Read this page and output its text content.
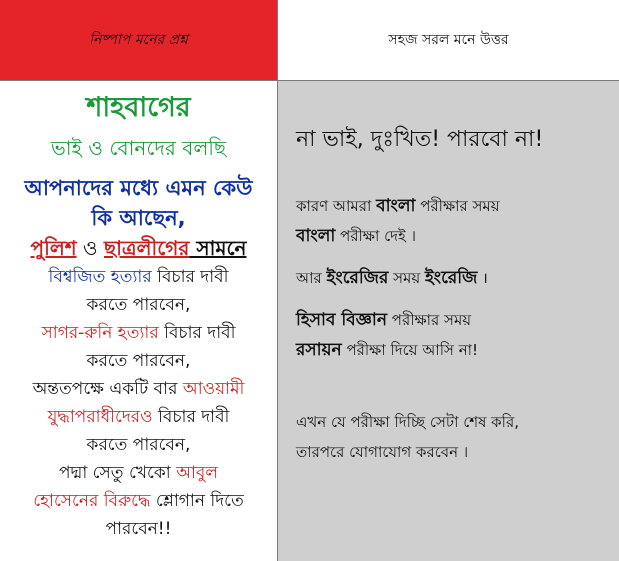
নিষ্পাপ মনের প্রশ্ন	সহজ সরল মনে উত্তর
শাহবাগের
ভাই ও বোনদের বলছি
আপনাদের মধ্যে এমন কেউ
কি আছেন,
পুলিশ ও ছাত্রলীগের সামনে
বিশ্বজিত হত্যার বিচার দাবী
করতে পারবেন,
সাগর-রুনি হত্যার বিচার দাবী
করতে পারবেন,
অন্ততপক্ষে একটি বার আওয়ামী
যুদ্ধাপরাধীদেরও বিচার দাবী
করতে পারবেন,
পদ্মা সেতু খেকো আবুল
হোসেনের বিরুদ্ধে শ্লোগান দিতে
পারবেন!!
না ভাই, দুঃখিত! পারবো না!
কারণ আমরা বাংলা পরীক্ষার সময়
বাংলা পরীক্ষা দেই ।
আর ইংরেজির সময় ইংরেজি ।
হিসাব বিজ্ঞান পরীক্ষার সময়
রসায়ন পরীক্ষা দিয়ে আসি না!
এখন যে পরীক্ষা দিচ্ছি সেটা শেষ করি,
তারপরে যোগাযোগ করবেন ।
